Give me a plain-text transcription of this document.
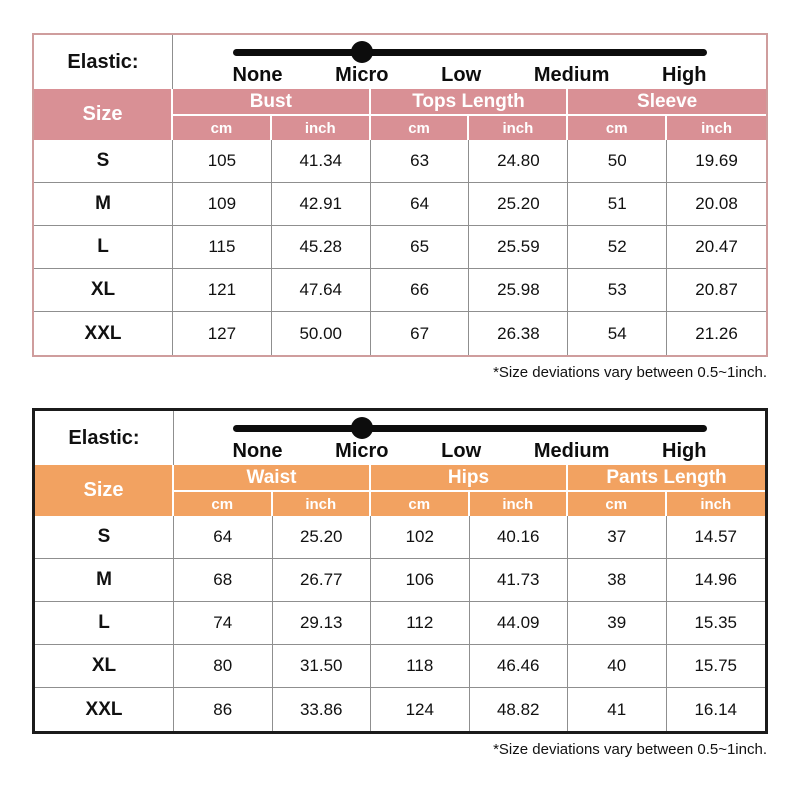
Elastic:	None Micro Low Medium High					

Size	Bust		Tops Length		Sleeve	
	cm	inch	cm	inch	cm	inch
S	105	41.34	63	24.80	50	19.69
M	109	42.91	64	25.20	51	20.08
L	115	45.28	65	25.59	52	20.47
XL	121	47.64	66	25.98	53	20.87
XXL	127	50.00	67	26.38	54	21.26
*Size deviations vary between 0.5~1inch.
Elastic:	None Micro Low Medium High					

Size	Waist		Hips		Pants Length	
	cm	inch	cm	inch	cm	inch
S	64	25.20	102	40.16	37	14.57
M	68	26.77	106	41.73	38	14.96
L	74	29.13	112	44.09	39	15.35
XL	80	31.50	118	46.46	40	15.75
XXL	86	33.86	124	48.82	41	16.14
*Size deviations vary between 0.5~1inch.
